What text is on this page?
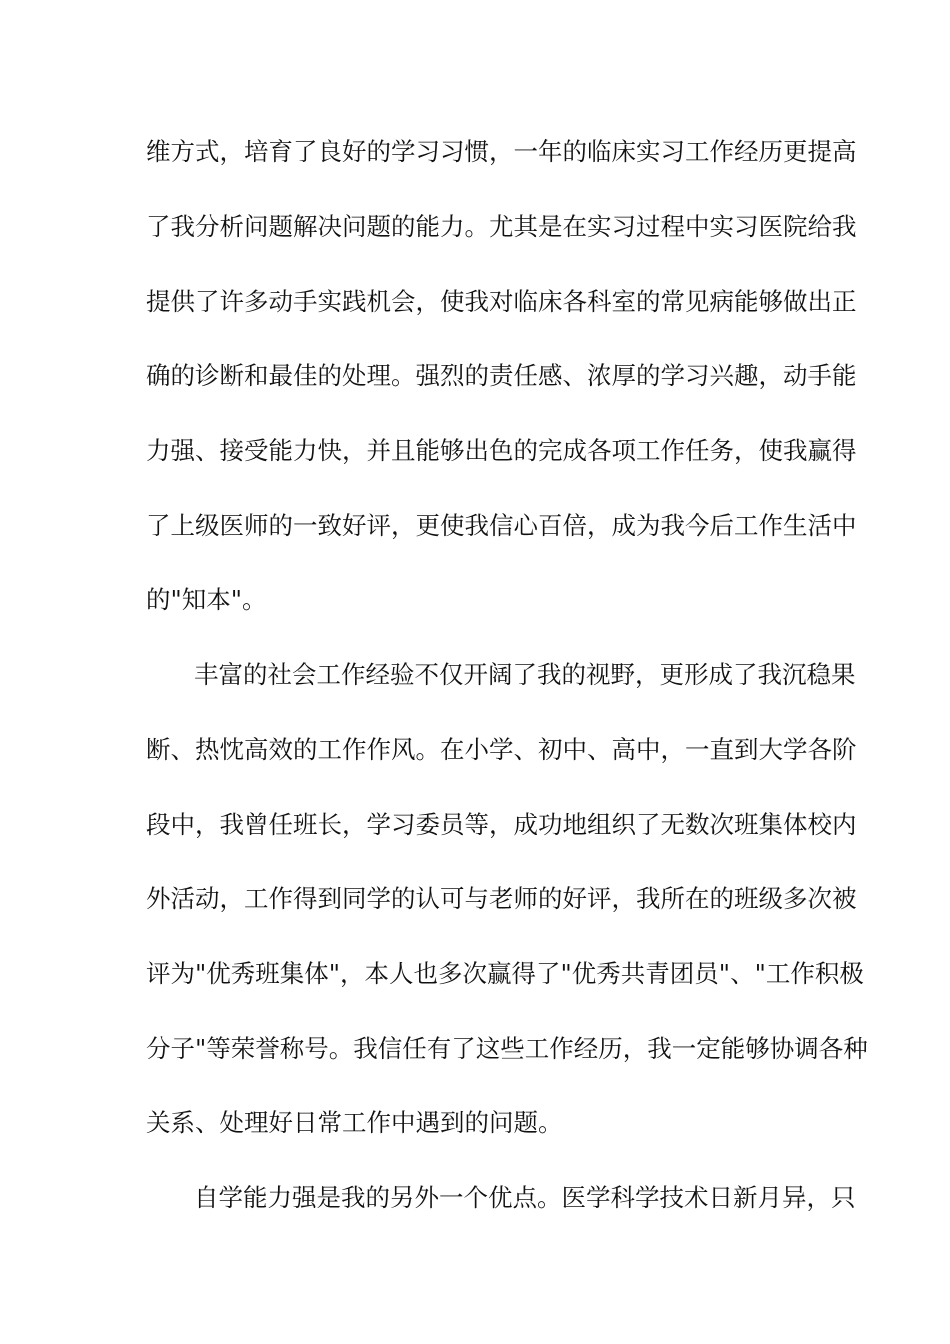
维方式，培育了良好的学习习惯，一年的临床实习工作经历更提高

了我分析问题解决问题的能力。尤其是在实习过程中实习医院给我

提供了许多动手实践机会，使我对临床各科室的常见病能够做出正

确的诊断和最佳的处理。强烈的责任感、浓厚的学习兴趣，动手能

力强、接受能力快，并且能够出色的完成各项工作任务，使我赢得

了上级医师的一致好评，更使我信心百倍，成为我今后工作生活中

的"知本"。

丰富的社会工作经验不仅开阔了我的视野，更形成了我沉稳果

断、热忱高效的工作作风。在小学、初中、高中，一直到大学各阶

段中，我曾任班长，学习委员等，成功地组织了无数次班集体校内

外活动，工作得到同学的认可与老师的好评，我所在的班级多次被

评为"优秀班集体"，本人也多次赢得了"优秀共青团员"、"工作积极

分子"等荣誉称号。我信任有了这些工作经历，我一定能够协调各种

关系、处理好日常工作中遇到的问题。

自学能力强是我的另外一个优点。医学科学技术日新月异，只
